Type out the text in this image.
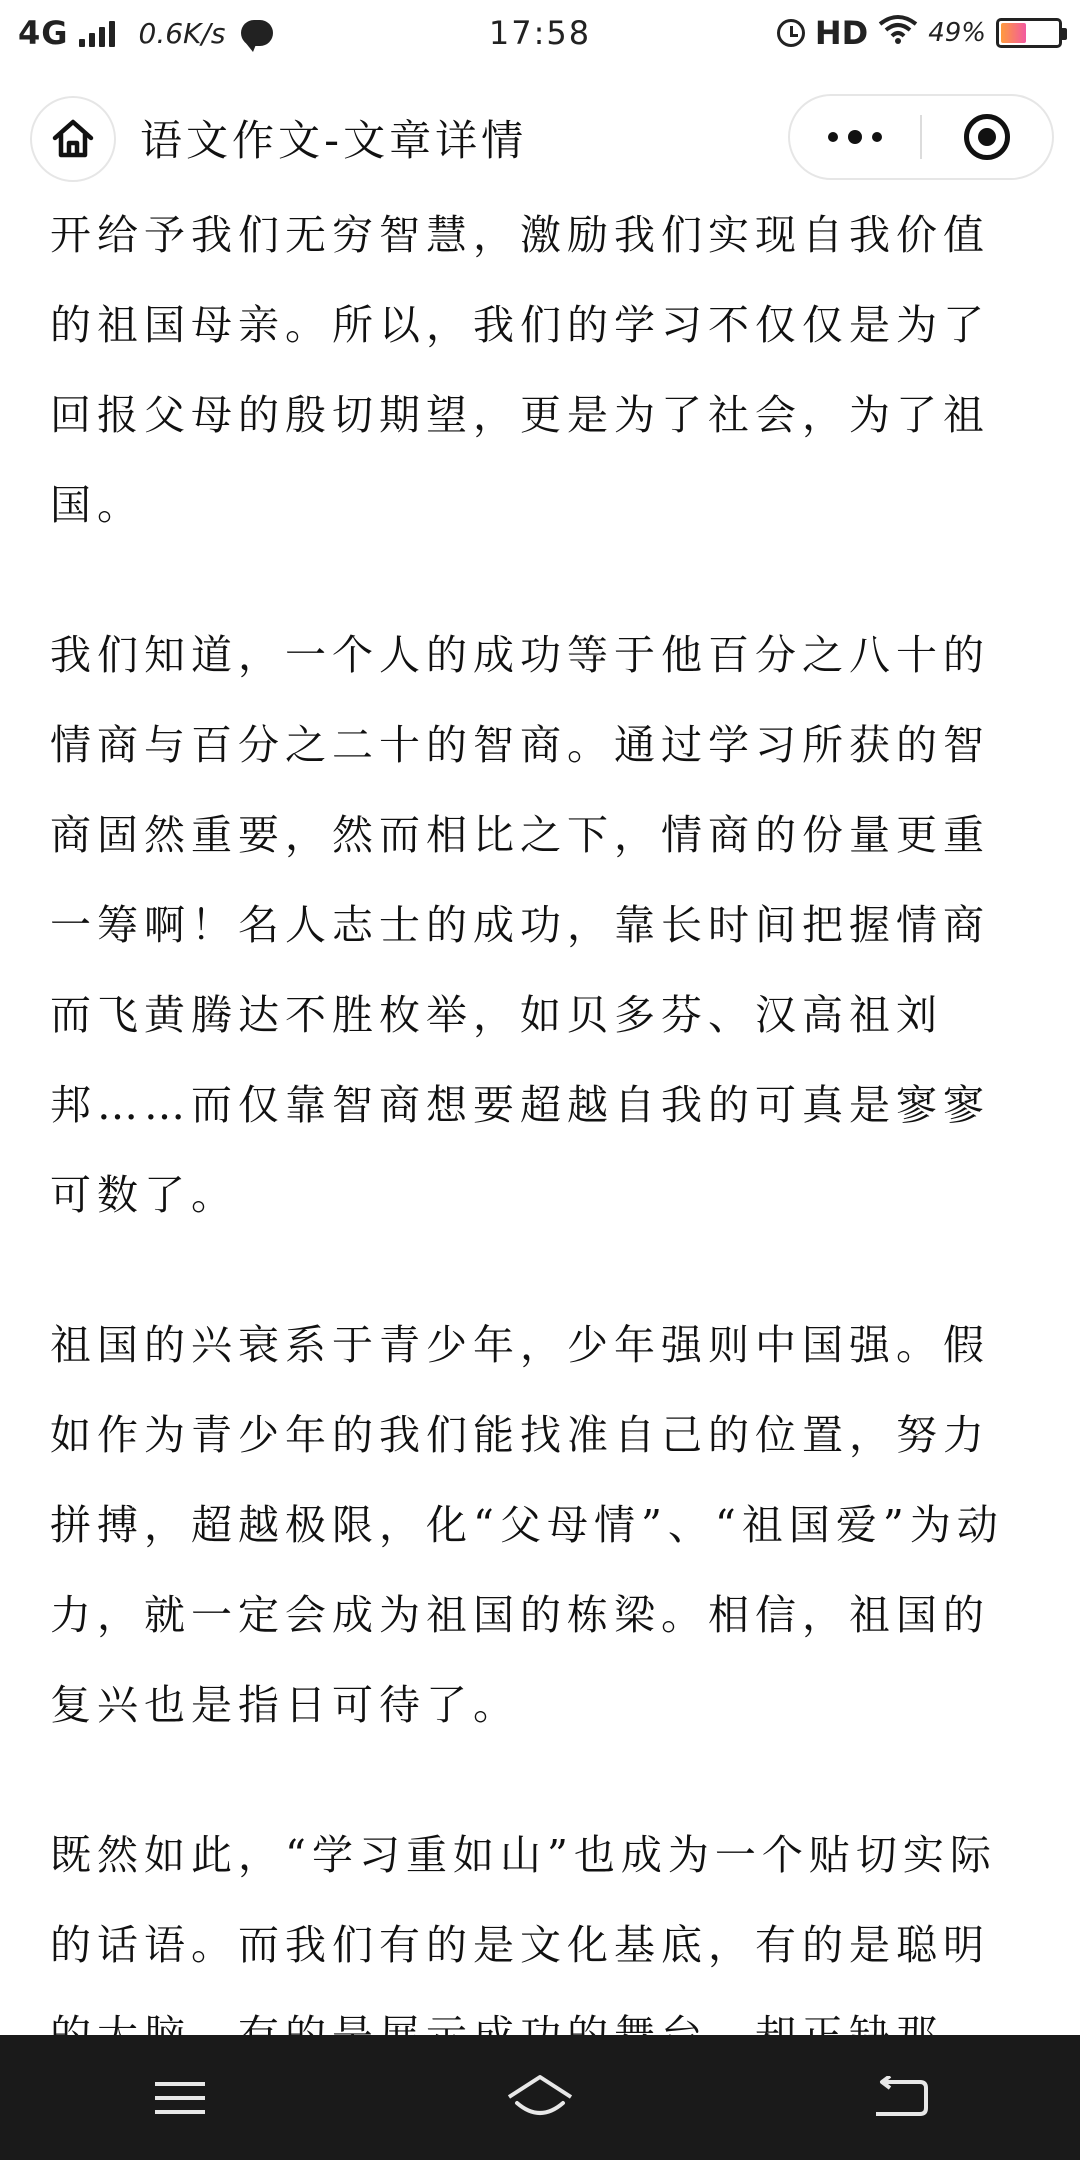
4G	0.6K/s	17:58	HD 49%
语文作文-文章详情

开给予我们无穷智慧，激励我们实现自我价值的祖国母亲。所以，我们的学习不仅仅是为了回报父母的殷切期望，更是为了社会，为了祖国。

我们知道，一个人的成功等于他百分之八十的情商与百分之二十的智商。通过学习所获的智商固然重要，然而相比之下，情商的份量更重一筹啊！名人志士的成功，靠长时间把握情商而飞黄腾达不胜枚举，如贝多芬、汉高祖刘邦……而仅靠智商想要超越自我的可真是寥寥可数了。

祖国的兴衰系于青少年，少年强则中国强。假如作为青少年的我们能找准自己的位置，努力拼搏，超越极限，化“父母情”、“祖国爱”为动力，就一定会成为祖国的栋梁。相信，祖国的复兴也是指日可待了。

既然如此，“学习重如山”也成为一个贴切实际的话语。而我们有的是文化基底，有的是聪明
